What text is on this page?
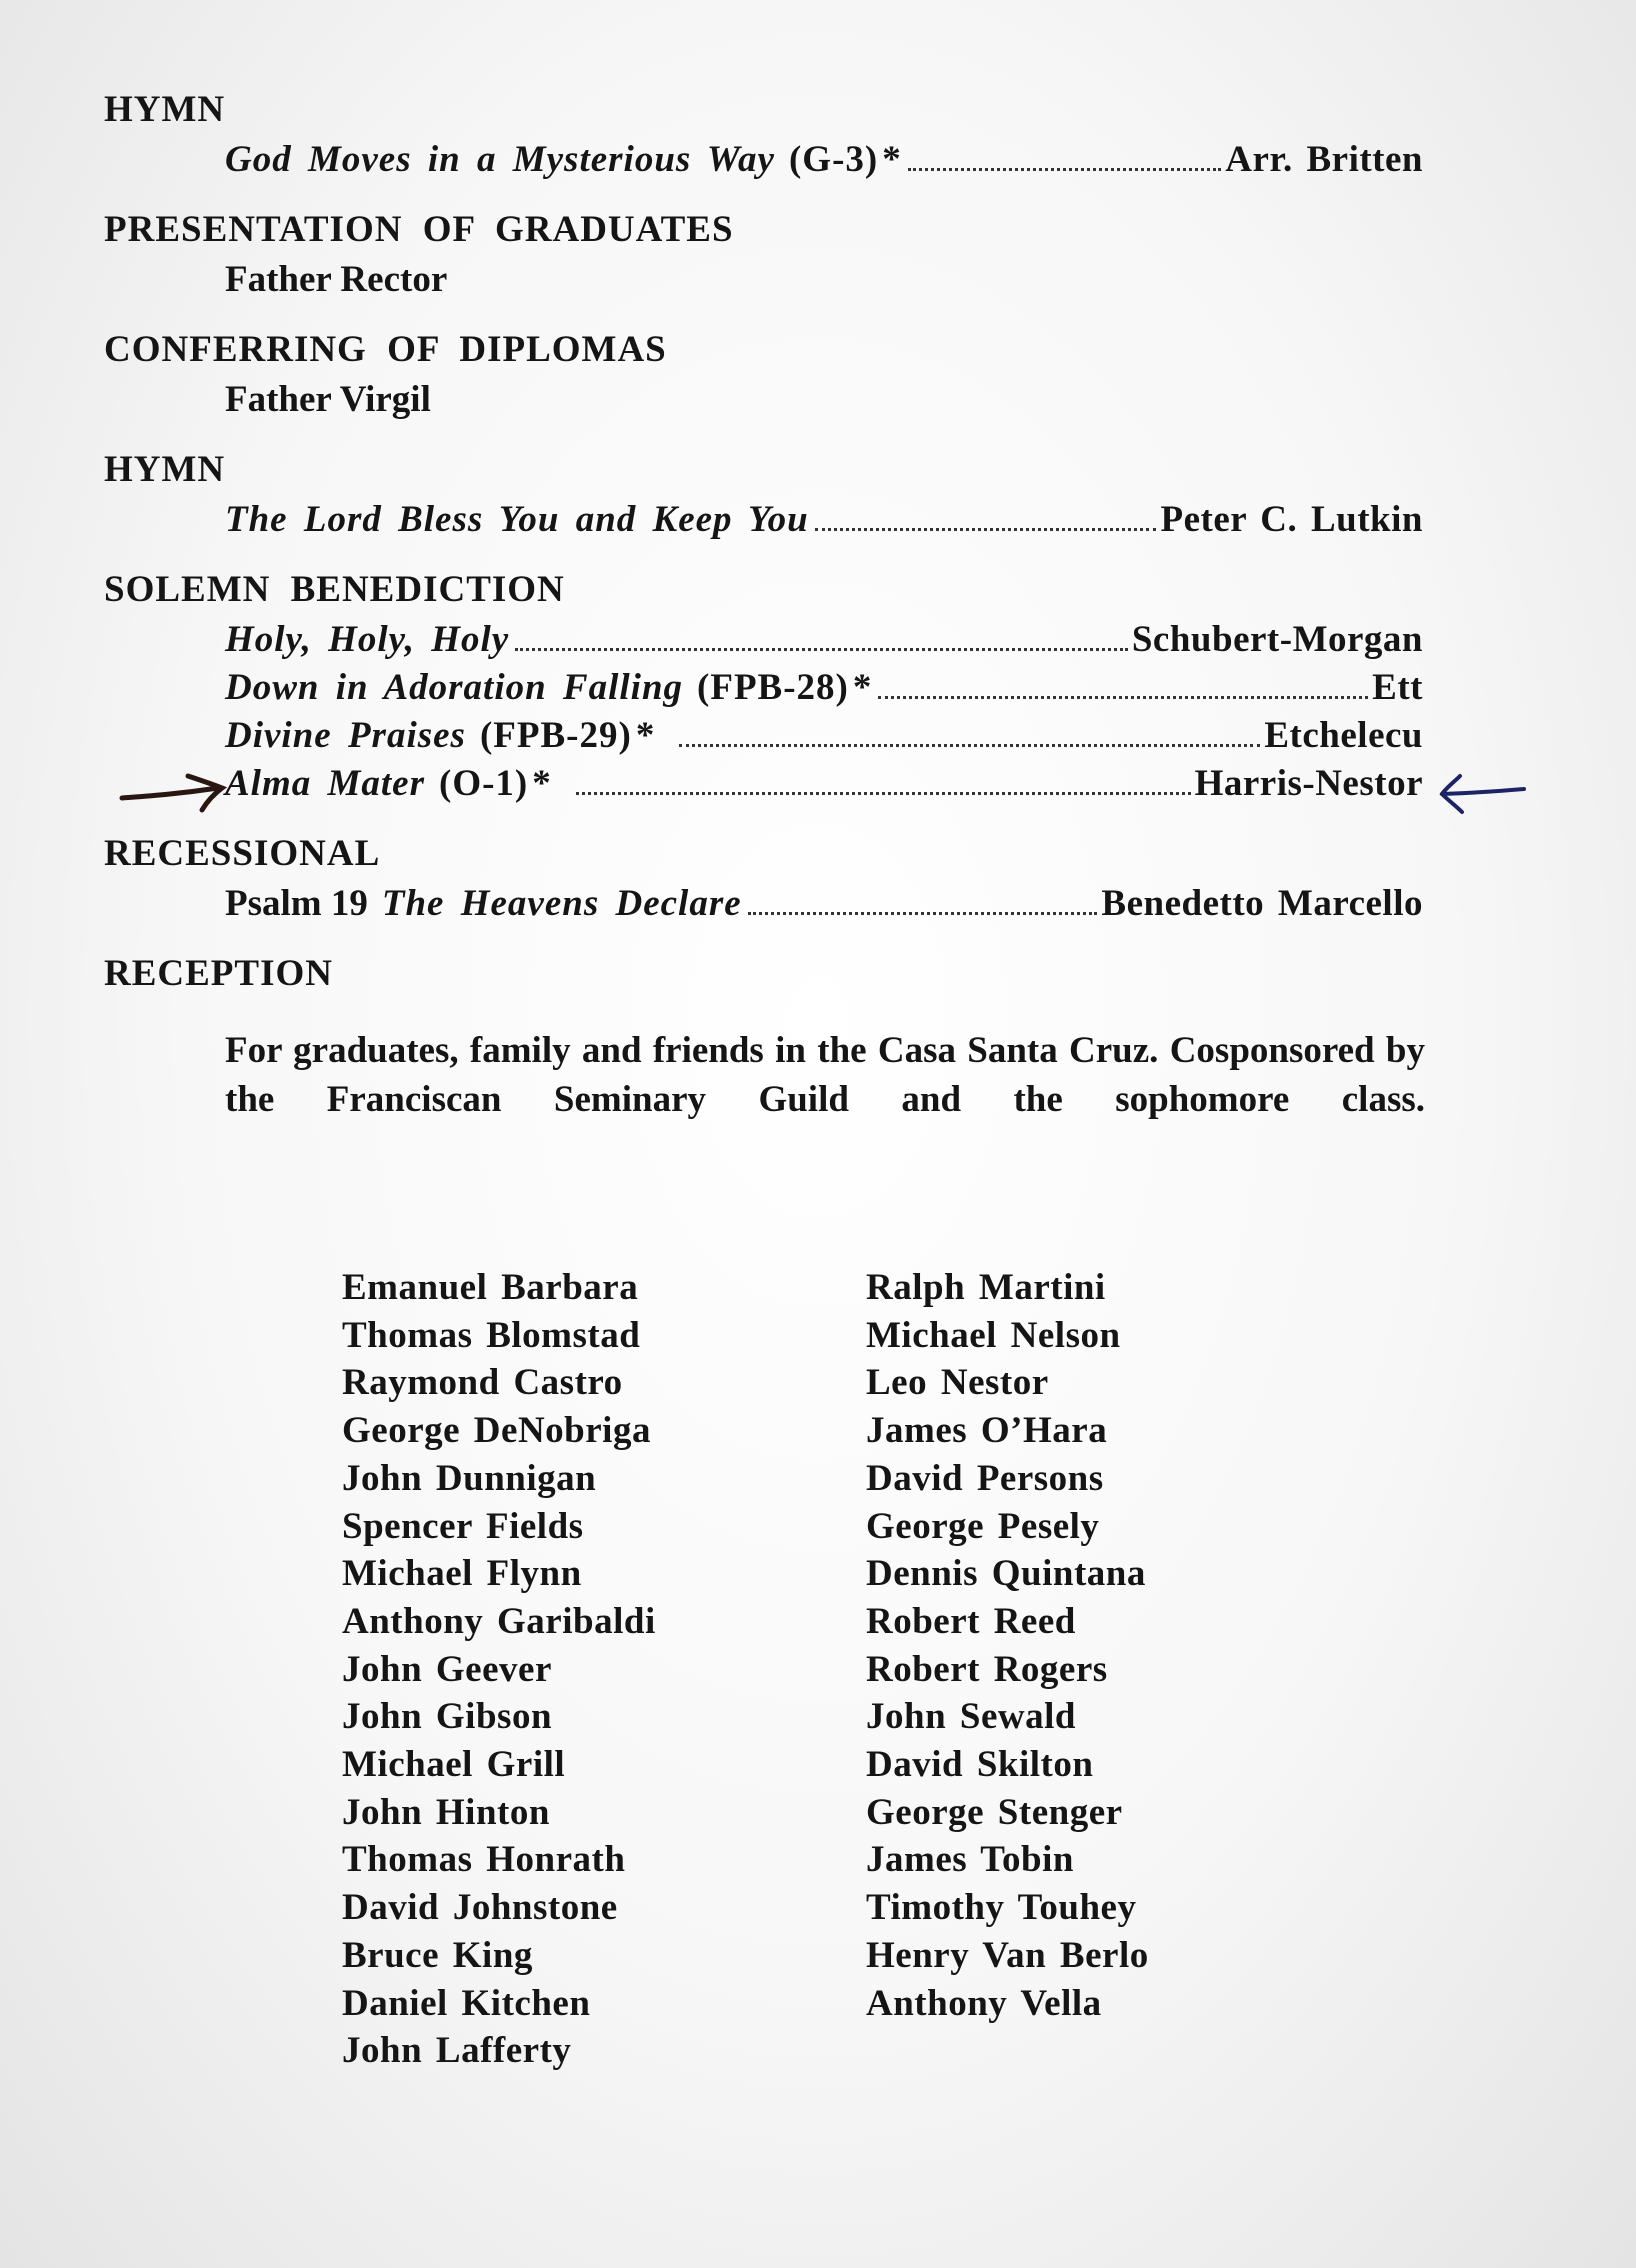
HYMN
God Moves in a Mysterious Way (G-3) *	Arr. Britten
PRESENTATION OF GRADUATES
Father Rector
CONFERRING OF DIPLOMAS
Father Virgil
HYMN
The Lord Bless You and Keep You	Peter C. Lutkin
SOLEMN BENEDICTION
Holy, Holy, Holy	Schubert-Morgan
Down in Adoration Falling (FPB-28) *	Ett
Divine Praises (FPB-29) *	Etchelecu
Alma Mater (O-1) *	Harris-Nestor
RECESSIONAL
Psalm 19 The Heavens Declare	Benedetto Marcello
RECEPTION
For graduates, family and friends in the Casa Santa Cruz. Cosponsored by the Franciscan Seminary Guild and the sophomore class.
Emanuel Barbara
Thomas Blomstad
Raymond Castro
George DeNobriga
John Dunnigan
Spencer Fields
Michael Flynn
Anthony Garibaldi
John Geever
John Gibson
Michael Grill
John Hinton
Thomas Honrath
David Johnstone
Bruce King
Daniel Kitchen
John Lafferty
Ralph Martini
Michael Nelson
Leo Nestor
James O’Hara
David Persons
George Pesely
Dennis Quintana
Robert Reed
Robert Rogers
John Sewald
David Skilton
George Stenger
James Tobin
Timothy Touhey
Henry Van Berlo
Anthony Vella
